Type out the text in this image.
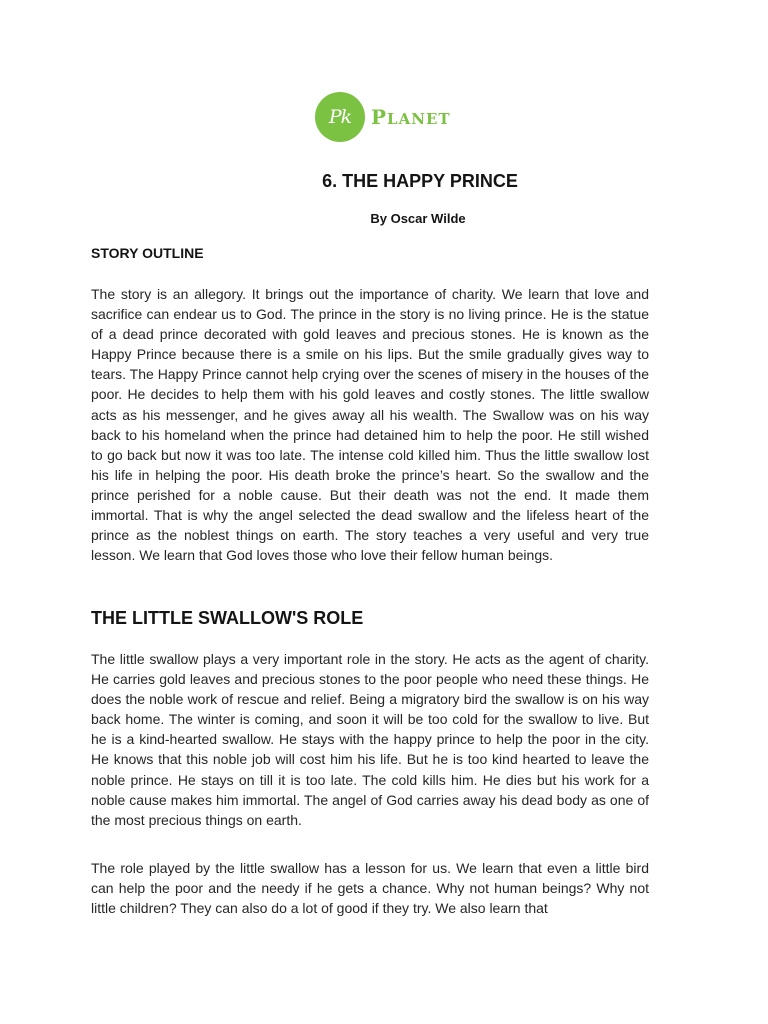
Pk PLANET
6. THE HAPPY PRINCE

By Oscar Wilde

STORY OUTLINE

The story is an allegory. It brings out the importance of charity. We learn that love and sacrifice can endear us to God. The prince in the story is no living prince. He is the statue of a dead prince decorated with gold leaves and precious stones. He is known as the Happy Prince because there is a smile on his lips. But the smile gradually gives way to tears. The Happy Prince cannot help crying over the scenes of misery in the houses of the poor. He decides to help them with his gold leaves and costly stones. The little swallow acts as his messenger, and he gives away all his wealth. The Swallow was on his way back to his homeland when the prince had detained him to help the poor. He still wished to go back but now it was too late. The intense cold killed him. Thus the little swallow lost his life in helping the poor. His death broke the prince’s heart. So the swallow and the prince perished for a noble cause. But their death was not the end. It made them immortal. That is why the angel selected the dead swallow and the lifeless heart of the prince as the noblest things on earth. The story teaches a very useful and very true lesson. We learn that God loves those who love their fellow human beings.

THE LITTLE SWALLOW'S ROLE

The little swallow plays a very important role in the story. He acts as the agent of charity. He carries gold leaves and precious stones to the poor people who need these things. He does the noble work of rescue and relief. Being a migratory bird the swallow is on his way back home. The winter is coming, and soon it will be too cold for the swallow to live. But he is a kind-hearted swallow. He stays with the happy prince to help the poor in the city. He knows that this noble job will cost him his life. But he is too kind hearted to leave the noble prince. He stays on till it is too late. The cold kills him. He dies but his work for a noble cause makes him immortal. The angel of God carries away his dead body as one of the most precious things on earth.

The role played by the little swallow has a lesson for us. We learn that even a little bird can help the poor and the needy if he gets a chance. Why not human beings? Why not little children? They can also do a lot of good if they try. We also learn that
